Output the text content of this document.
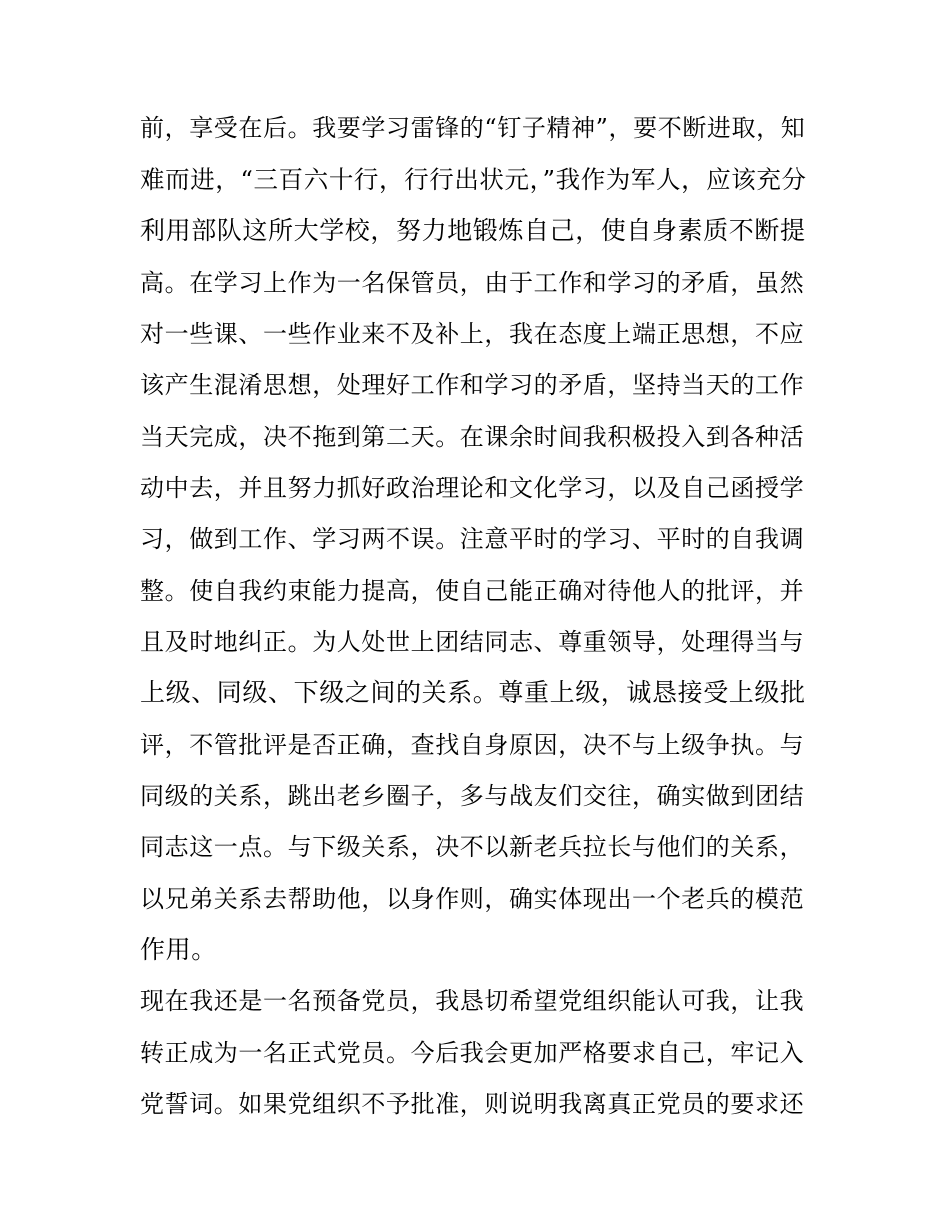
前，享受在后。我要学习雷锋的“钉子精神”，要不断进取，知
难而进，“三百六十行，行行出状元，”我作为军人，应该充分
利用部队这所大学校，努力地锻炼自己，使自身素质不断提
高。在学习上作为一名保管员，由于工作和学习的矛盾，虽然
对一些课、一些作业来不及补上，我在态度上端正思想，不应
该产生混淆思想，处理好工作和学习的矛盾，坚持当天的工作
当天完成，决不拖到第二天。在课余时间我积极投入到各种活
动中去，并且努力抓好政治理论和文化学习，以及自己函授学
习，做到工作、学习两不误。注意平时的学习、平时的自我调
整。使自我约束能力提高，使自己能正确对待他人的批评，并
且及时地纠正。为人处世上团结同志、尊重领导，处理得当与
上级、同级、下级之间的关系。尊重上级，诚恳接受上级批
评，不管批评是否正确，查找自身原因，决不与上级争执。与
同级的关系，跳出老乡圈子，多与战友们交往，确实做到团结
同志这一点。与下级关系，决不以新老兵拉长与他们的关系，
以兄弟关系去帮助他，以身作则，确实体现出一个老兵的模范
作用。
现在我还是一名预备党员，我恳切希望党组织能认可我，让我
转正成为一名正式党员。今后我会更加严格要求自己，牢记入
党誓词。如果党组织不予批准，则说明我离真正党员的要求还
